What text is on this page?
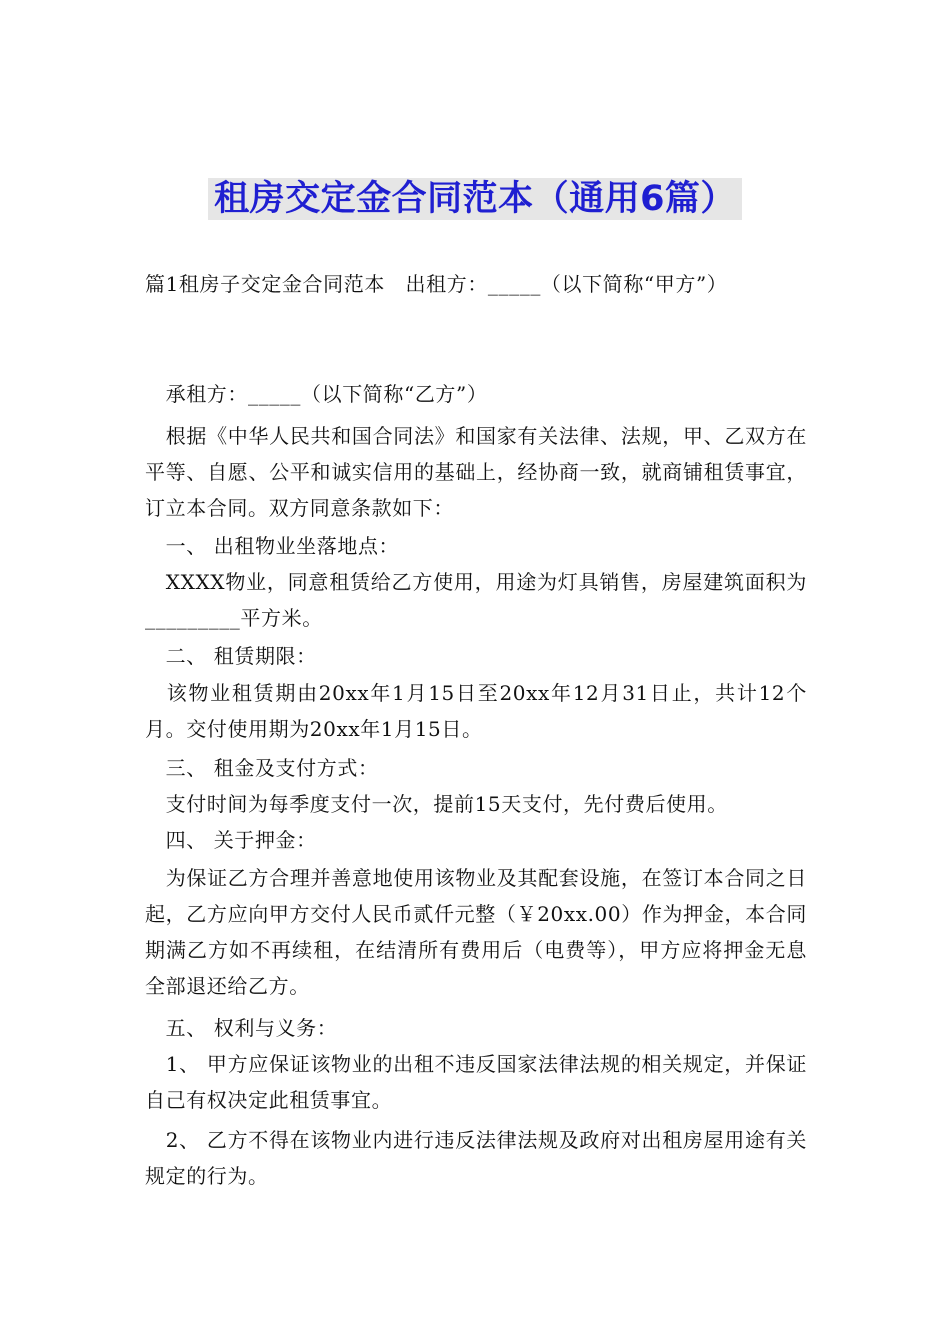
租房交定金合同范本（通用6篇）

篇1租房子交定金合同范本　出租方：_____（以下简称“甲方”）

　承租方：_____（以下简称“乙方”）

　根据《中华人民共和国合同法》和国家有关法律、法规，甲、乙双方在平等、自愿、公平和诚实信用的基础上，经协商一致，就商铺租赁事宜，订立本合同。双方同意条款如下：

　一、 出租物业坐落地点：

　XXXX物业，同意租赁给乙方使用，用途为灯具销售，房屋建筑面积为_________平方米。

　二、 租赁期限：

　该物业租赁期由20xx年1月15日至20xx年12月31日止，共计12个月。交付使用期为20xx年1月15日。

　三、 租金及支付方式：

　支付时间为每季度支付一次，提前15天支付，先付费后使用。

　四、 关于押金：

　为保证乙方合理并善意地使用该物业及其配套设施，在签订本合同之日起，乙方应向甲方交付人民币贰仟元整（￥20xx.00）作为押金，本合同期满乙方如不再续租，在结清所有费用后（电费等），甲方应将押金无息全部退还给乙方。

　五、 权利与义务：

　1、 甲方应保证该物业的出租不违反国家法律法规的相关规定，并保证自己有权决定此租赁事宜。

　2、 乙方不得在该物业内进行违反法律法规及政府对出租房屋用途有关规定的行为。
